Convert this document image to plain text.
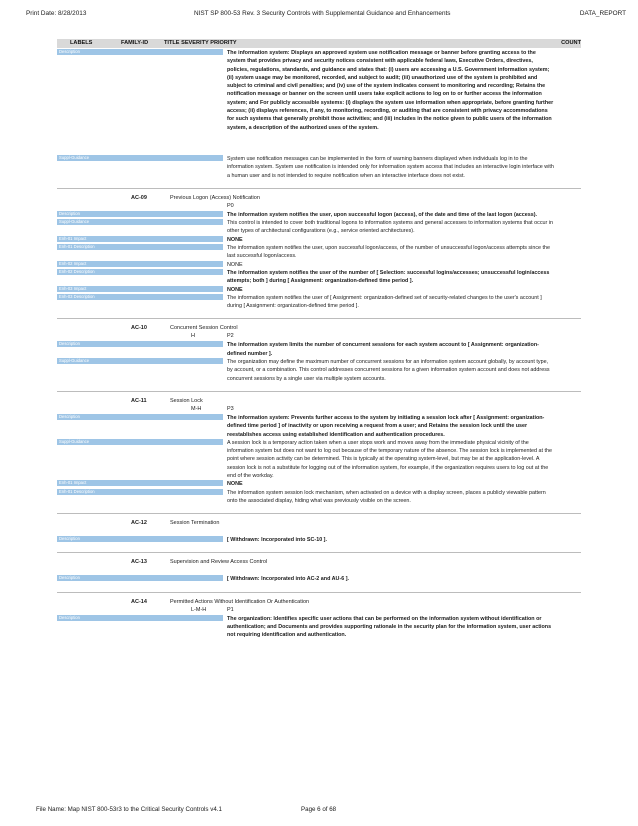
Print Date: 8/28/2013	NIST SP 800-53 Rev. 3 Security Controls with Supplemental Guidance and Enhancements	DATA_REPORT
LABELS	FAMILY-ID	TITLE SEVERITY PRIORITY	COUNT
Description	The information system: Displays an approved system use notification message or banner before granting access to the system that provides privacy and security notices consistent with applicable federal laws, Executive Orders, directives, policies, regulations, standards, and guidance and states that: (i) users are accessing a U.S. Government information system; (ii) system usage may be monitored, recorded, and subject to audit; (iii) unauthorized use of the system is prohibited and subject to criminal and civil penalties; and (iv) use of the system indicates consent to monitoring and recording; Retains the notification message or banner on the screen until users take explicit actions to log on to or further access the information system; and For publicly accessible systems: (i) displays the system use information when appropriate, before granting further access; (ii) displays references, if any, to monitoring, recording, or auditing that are consistent with privacy accommodations for such systems that generally prohibit those activities; and (iii) includes in the notice given to public users of the information system, a description of the authorized uses of the system.
Suppl-Guidance	System use notification messages can be implemented in the form of warning banners displayed when individuals log in to the information system. System use notification is intended only for information system access that includes an interactive login interface with a human user and is not intended to require notification when an interactive interface does not exist.
AC-09	Previous Logon (Access) Notification
P0
Description	The information system notifies the user, upon successful logon (access), of the date and time of the last logon (access).
Suppl-Guidance	This control is intended to cover both traditional logons to information systems and general accesses to information systems that occur in other types of architectural configurations (e.g., service oriented architectures).
Enh-01 Impact	NONE
Enh-01 Description	The information system notifies the user, upon successful logon/access, of the number of unsuccessful logon/access attempts since the last successful logon/access.
Enh-02 Impact	NONE
Enh-02 Description	The information system notifies the user of the number of [ Selection: successful logins/accesses; unsuccessful login/access attempts; both ] during [ Assignment: organization-defined time period ].
Enh-03 Impact	NONE
Enh-03 Description	The information system notifies the user of [ Assignment: organization-defined set of security-related changes to the user's account ] during [ Assignment: organization-defined time period ].
AC-10	Concurrent Session Control
H	P2
Description	The information system limits the number of concurrent sessions for each system account to [ Assignment: organization-defined number ].
Suppl-Guidance	The organization may define the maximum number of concurrent sessions for an information system account globally, by account type, by account, or a combination. This control addresses concurrent sessions for a given information system account and does not address concurrent sessions by a single user via multiple system accounts.
AC-11	Session Lock
M-H	P3
Description	The information system: Prevents further access to the system by initiating a session lock after [ Assignment: organization-defined time period ] of inactivity or upon receiving a request from a user; and Retains the session lock until the user reestablishes access using established identification and authentication procedures.
Suppl-Guidance	A session lock is a temporary action taken when a user stops work and moves away from the immediate physical vicinity of the information system but does not want to log out because of the temporary nature of the absence. The session lock is implemented at the point where session activity can be determined. This is typically at the operating system-level, but may be at the application-level. A session lock is not a substitute for logging out of the information system, for example, if the organization requires users to log out at the end of the workday.
Enh-01 Impact	NONE
Enh-01 Description	The information system session lock mechanism, when activated on a device with a display screen, places a publicly viewable pattern onto the associated display, hiding what was previously visible on the screen.
AC-12	Session Termination
Description	[ Withdrawn: Incorporated into SC-10 ].
AC-13	Supervision and Review Access Control
Description	[ Withdrawn: Incorporated into AC-2 and AU-6 ].
AC-14	Permitted Actions Without Identification Or Authentication
L-M-H	P1
Description	The organization: Identifies specific user actions that can be performed on the information system without identification or authentication; and Documents and provides supporting rationale in the security plan for the information system, user actions not requiring identification and authentication.
File Name: Map NIST 800-53r3 to the Critical Security Controls v4.1	Page 6 of 68
